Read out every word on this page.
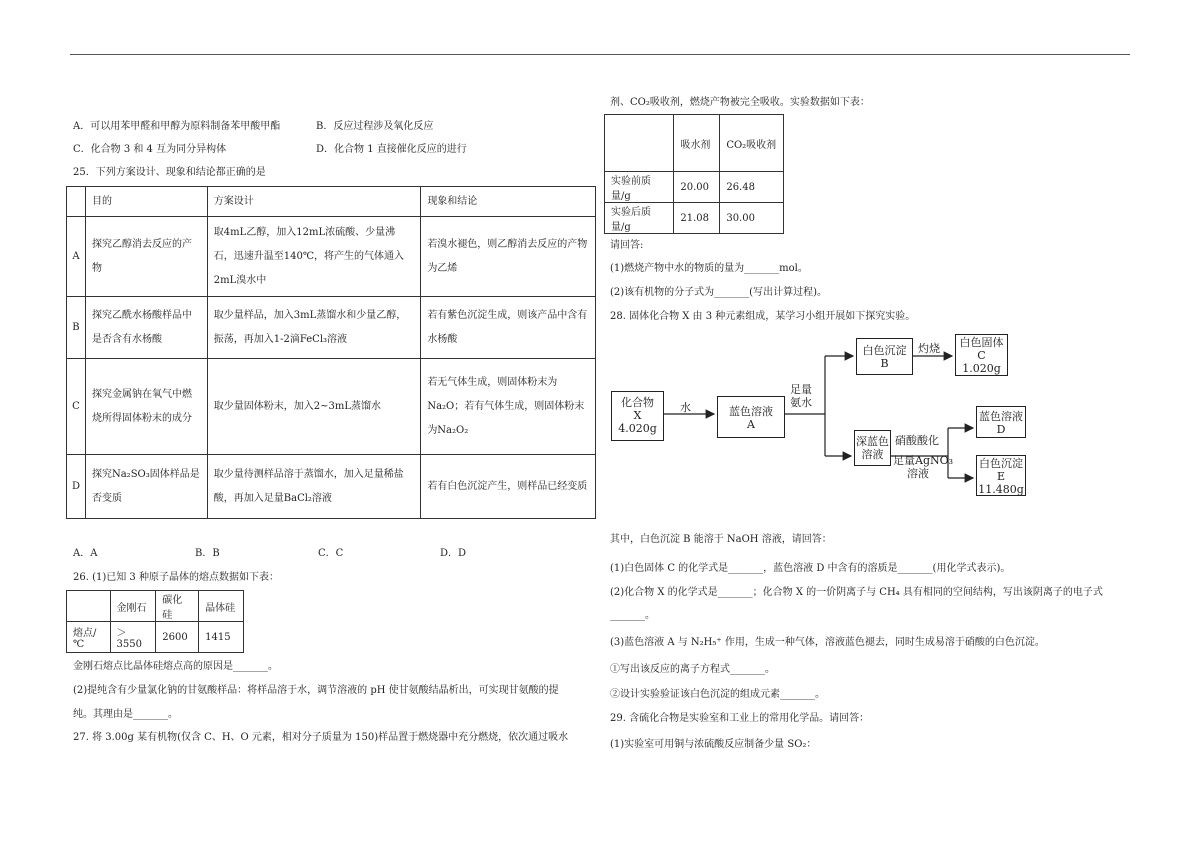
A．可以用苯甲醛和甲醇为原料制备苯甲酸甲酯	B．反应过程涉及氧化反应
C．化合物 3 和 4 互为同分异构体	D．化合物 1 直接催化反应的进行
25．下列方案设计、现象和结论都正确的是
	目的	方案设计	现象和结论
A	探究乙醇消去反应的产物	取4mL乙醇，加入12mL浓硫酸、少量沸石，迅速升温至140℃，将产生的气体通入2mL溴水中	若溴水褪色，则乙醇消去反应的产物为乙烯
B	探究乙酰水杨酸样品中是否含有水杨酸	取少量样品，加入3mL蒸馏水和少量乙醇，振荡，再加入1-2滴FeCl₃溶液	若有紫色沉淀生成，则该产品中含有水杨酸
C	探究金属钠在氧气中燃烧所得固体粉末的成分	取少量固体粉末，加入2~3mL蒸馏水	若无气体生成，则固体粉末为Na₂O；若有气体生成，则固体粉末为Na₂O₂
D	探究Na₂SO₃固体样品是否变质	取少量待测样品溶于蒸馏水，加入足量稀盐酸，再加入足量BaCl₂溶液	若有白色沉淀产生，则样品已经变质
A．A	B．B	C．C	D．D
26. (1)已知 3 种原子晶体的熔点数据如下表：
	金刚石	碳化硅	晶体硅
熔点/℃	＞3550	2600	1415
金刚石熔点比晶体硅熔点高的原因是_______。
(2)提纯含有少量氯化钠的甘氨酸样品：将样品溶于水，调节溶液的 pH 使甘氨酸结晶析出，可实现甘氨酸的提
纯。其理由是_______。
27. 将 3.00g 某有机物(仅含 C、H、O 元素，相对分子质量为 150)样品置于燃烧器中充分燃烧，依次通过吸水
剂、CO₂吸收剂，燃烧产物被完全吸收。实验数据如下表：
	吸水剂	CO₂吸收剂
实验前质量/g	20.00	26.48
实验后质量/g	21.08	30.00
请回答:
(1)燃烧产物中水的物质的量为_______mol。
(2)该有机物的分子式为_______(写出计算过程)。
28. 固体化合物 X 由 3 种元素组成，某学习小组开展如下探究实验。
化合物
X
4.020g
水	蓝色溶液
A
足量
氨水
白色沉淀
B
灼烧	白色固体
C
1.020g
深蓝色
溶液
硝酸酸化
足量AgNO₃
溶液
蓝色溶液
D
白色沉淀
E
11.480g
其中，白色沉淀 B 能溶于 NaOH 溶液，请回答：
(1)白色固体 C 的化学式是_______，蓝色溶液 D 中含有的溶质是_______(用化学式表示)。
(2)化合物 X 的化学式是_______；化合物 X 的一价阴离子与 CH₄ 具有相同的空间结构，写出该阴离子的电子式
_______。
(3)蓝色溶液 A 与 N₂H₅⁺ 作用，生成一种气体，溶液蓝色褪去，同时生成易溶于硝酸的白色沉淀。
①写出该反应的离子方程式_______。
②设计实验验证该白色沉淀的组成元素_______。
29. 含硫化合物是实验室和工业上的常用化学品。请回答：
(1)实验室可用铜与浓硫酸反应制备少量 SO₂：
